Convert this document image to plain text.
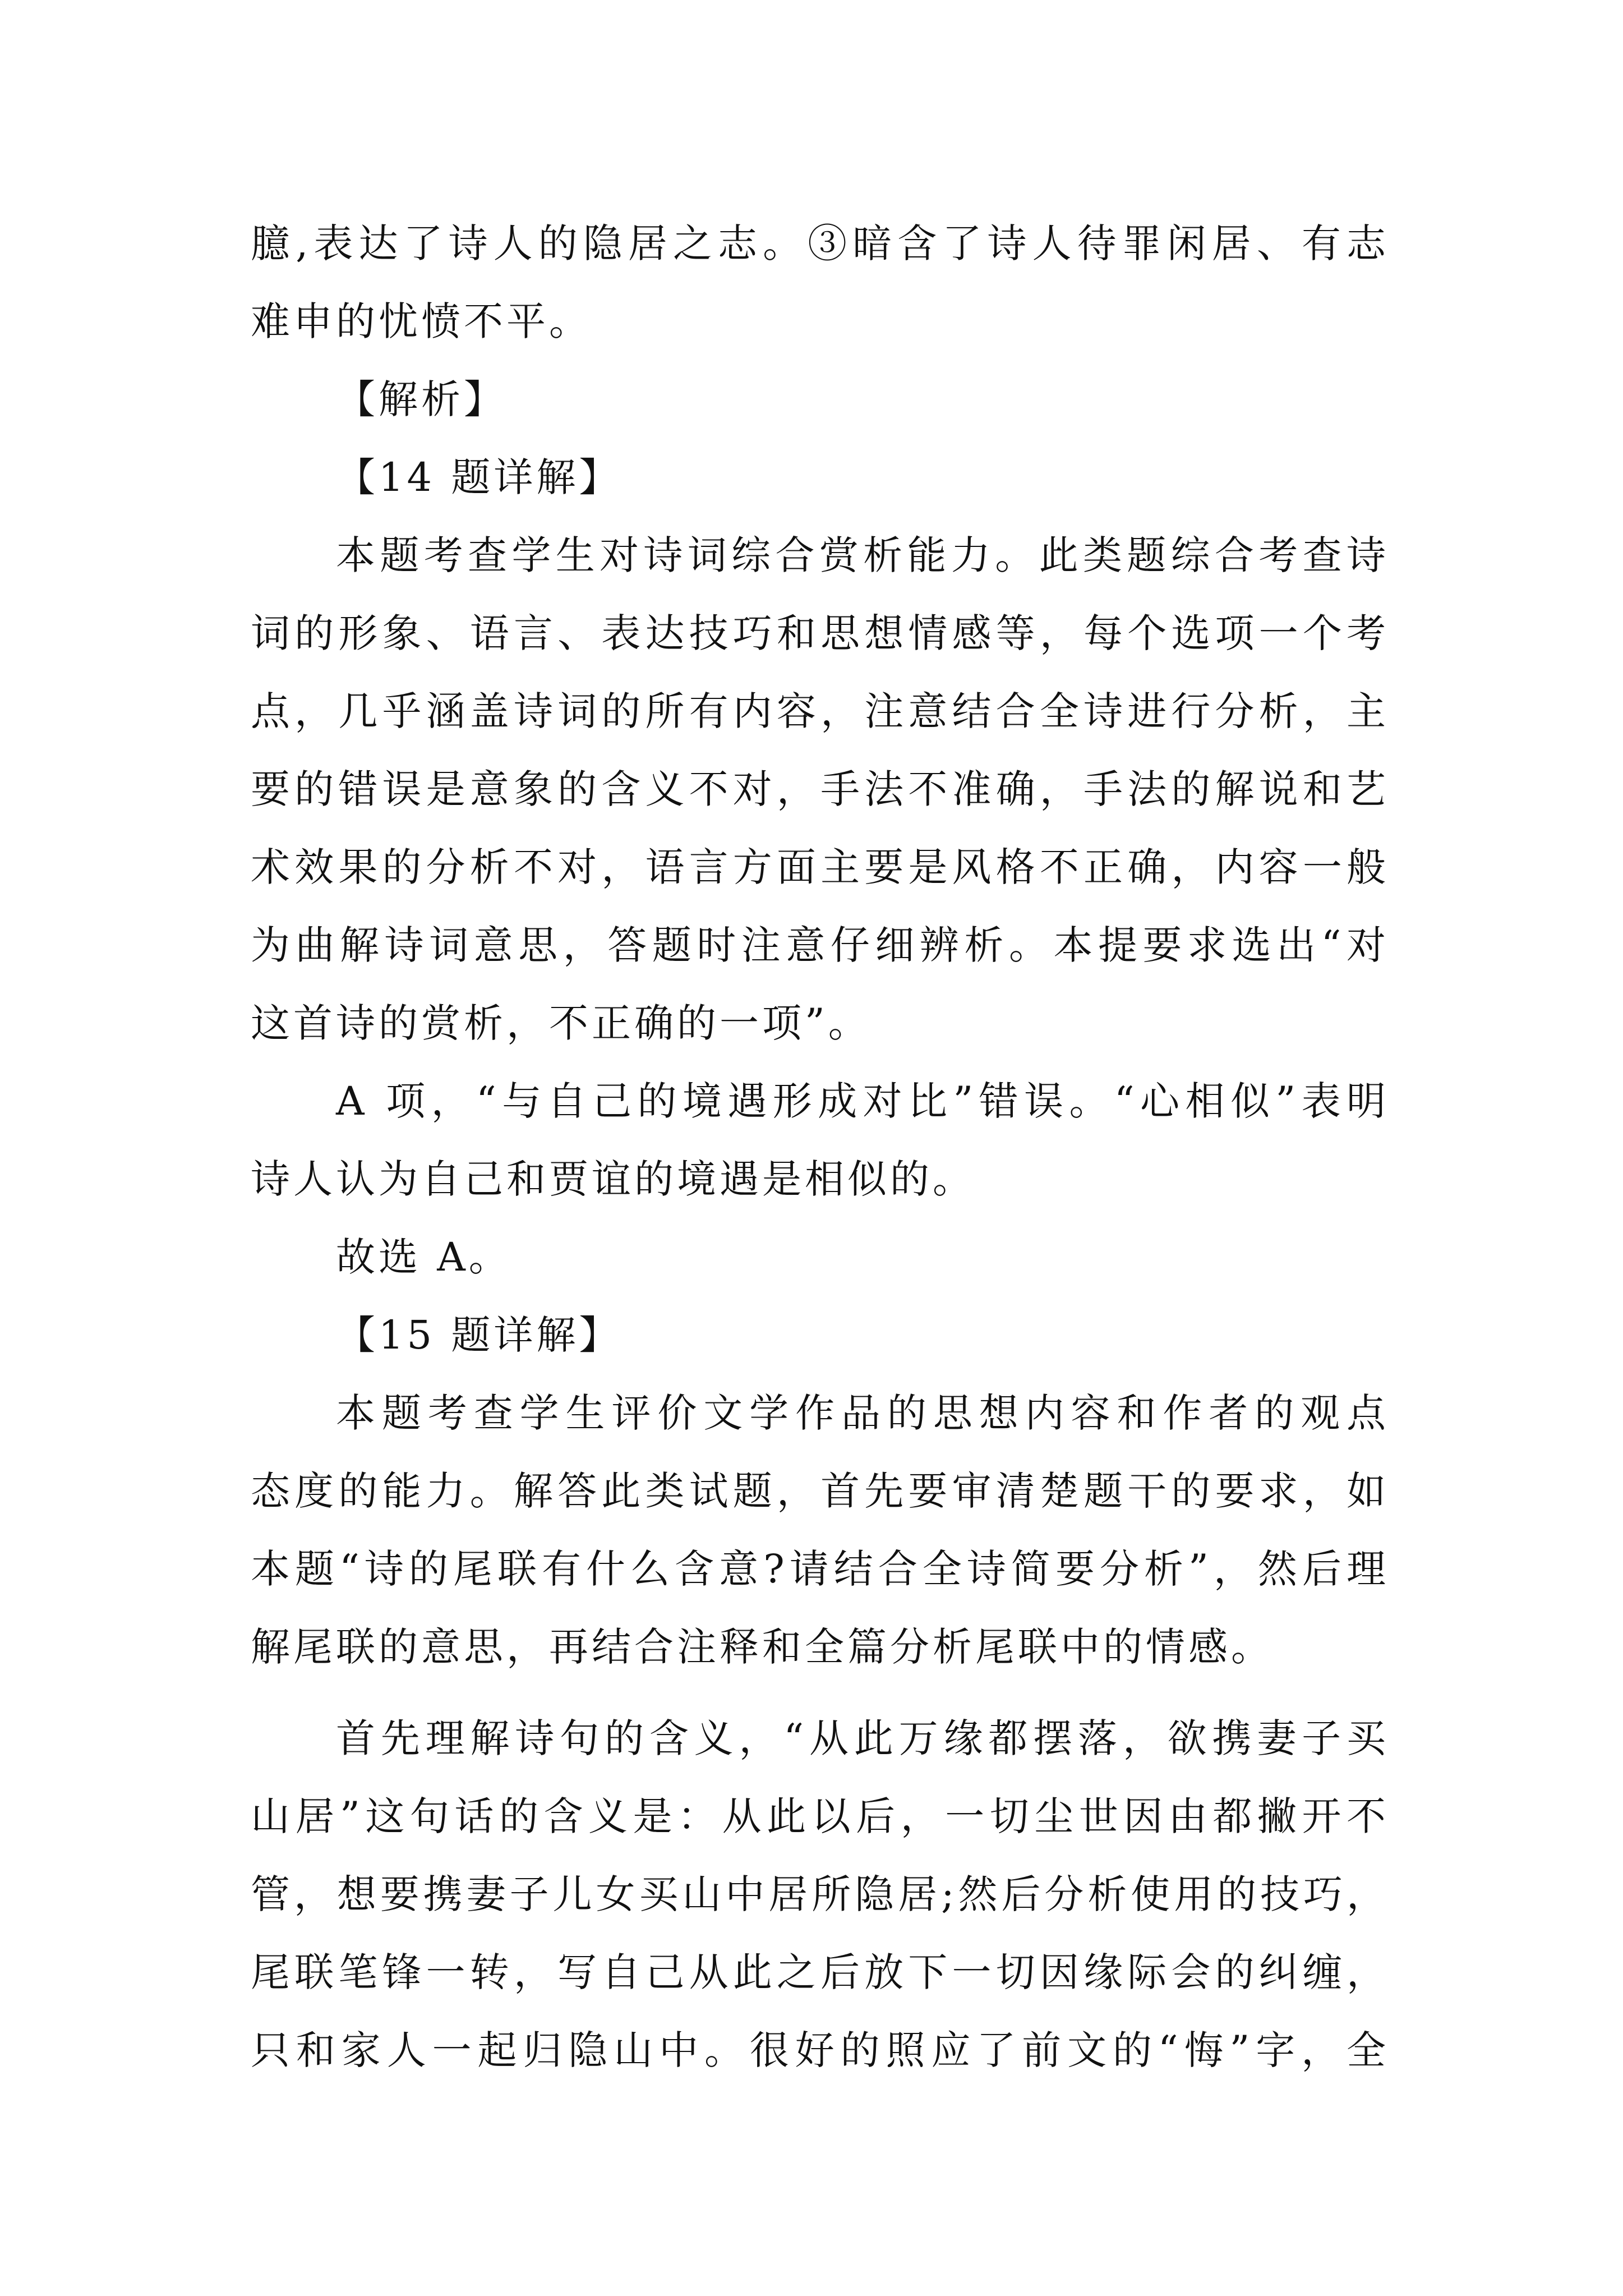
臆,表达了诗人的隐居之志。③暗含了诗人待罪闲居、有志
难申的忧愤不平。
【解析】
【14 题详解】
本题考查学生对诗词综合赏析能力。此类题综合考查诗
词的形象、语言、表达技巧和思想情感等，每个选项一个考
点，几乎涵盖诗词的所有内容，注意结合全诗进行分析，主
要的错误是意象的含义不对，手法不准确，手法的解说和艺
术效果的分析不对，语言方面主要是风格不正确，内容一般
为曲解诗词意思，答题时注意仔细辨析。本提要求选出“对
这首诗的赏析，不正确的一项”。
A 项，“与自己的境遇形成对比”错误。“心相似”表明
诗人认为自己和贾谊的境遇是相似的。
故选 A。
【15 题详解】
本题考查学生评价文学作品的思想内容和作者的观点
态度的能力。解答此类试题，首先要审清楚题干的要求，如
本题“诗的尾联有什么含意?请结合全诗简要分析”，然后理
解尾联的意思，再结合注释和全篇分析尾联中的情感。
首先理解诗句的含义，“从此万缘都摆落，欲携妻子买
山居”这句话的含义是：从此以后，一切尘世因由都撇开不
管，想要携妻子儿女买山中居所隐居;然后分析使用的技巧，
尾联笔锋一转，写自己从此之后放下一切因缘际会的纠缠，
只和家人一起归隐山中。很好的照应了前文的“悔”字，全
